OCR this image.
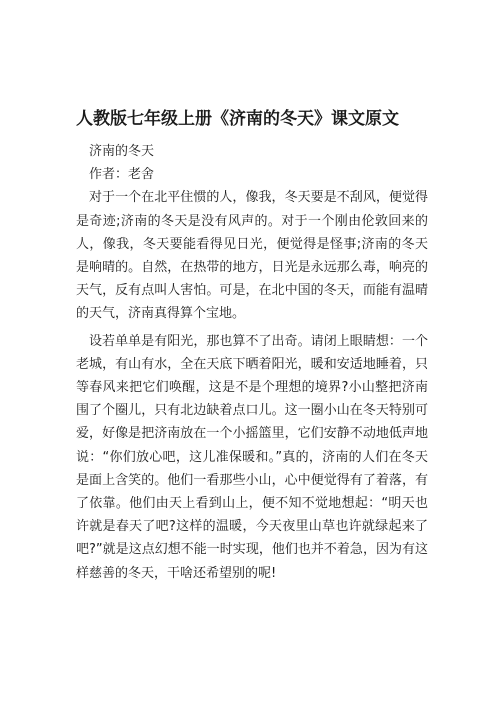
人教版七年级上册《济南的冬天》课文原文

济南的冬天

作者：老舍

对于一个在北平住惯的人，像我，冬天要是不刮风，便觉得是奇迹;济南的冬天是没有风声的。对于一个刚由伦敦回来的人，像我，冬天要能看得见日光，便觉得是怪事;济南的冬天是响晴的。自然，在热带的地方，日光是永远那么毒，响亮的天气，反有点叫人害怕。可是，在北中国的冬天，而能有温晴的天气，济南真得算个宝地。

设若单单是有阳光，那也算不了出奇。请闭上眼睛想：一个老城，有山有水，全在天底下晒着阳光，暖和安适地睡着，只等春风来把它们唤醒，这是不是个理想的境界?小山整把济南围了个圈儿，只有北边缺着点口儿。这一圈小山在冬天特别可爱，好像是把济南放在一个小摇篮里，它们安静不动地低声地说：“你们放心吧，这儿准保暖和。”真的，济南的人们在冬天是面上含笑的。他们一看那些小山，心中便觉得有了着落，有了依靠。他们由天上看到山上，便不知不觉地想起：“明天也许就是春天了吧?这样的温暖，今天夜里山草也许就绿起来了吧?”就是这点幻想不能一时实现，他们也并不着急，因为有这样慈善的冬天，干啥还希望别的呢!
